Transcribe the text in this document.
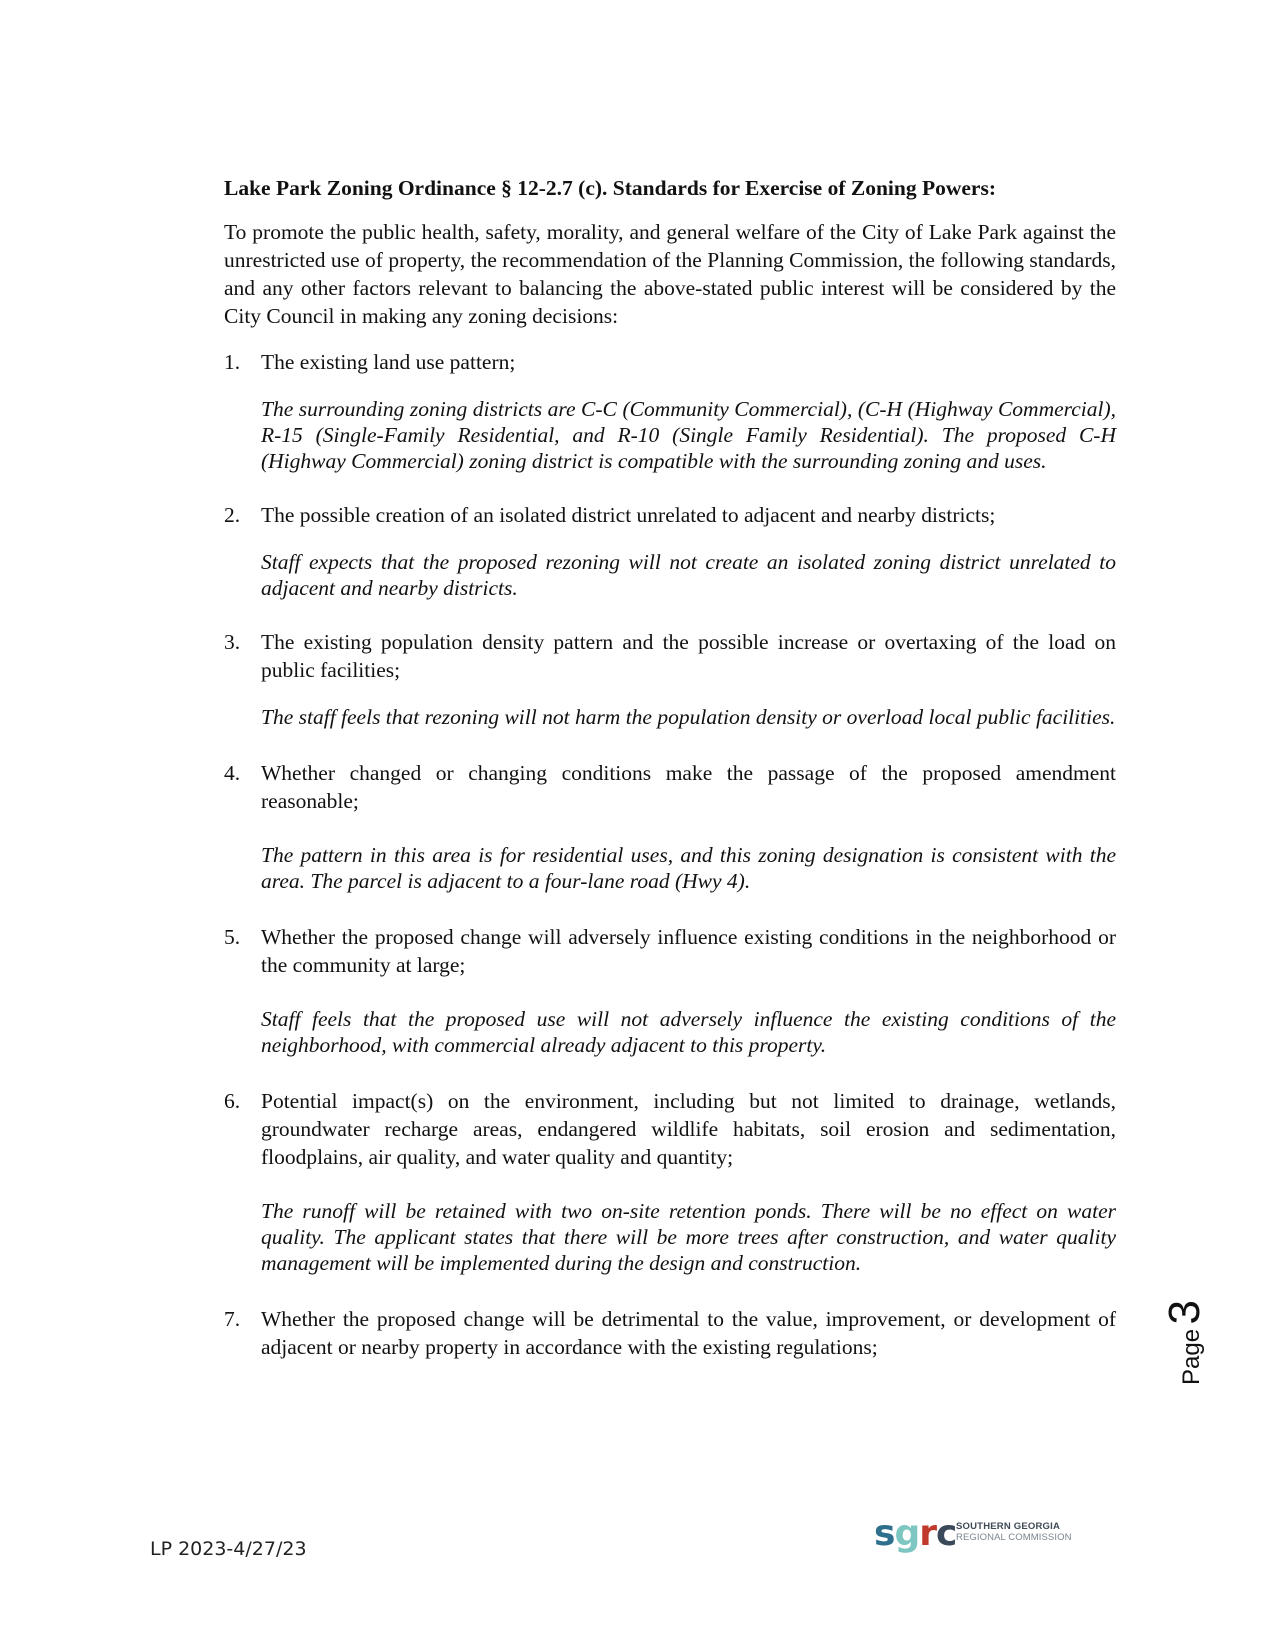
Lake Park Zoning Ordinance § 12-2.7 (c). Standards for Exercise of Zoning Powers:
To promote the public health, safety, morality, and general welfare of the City of Lake Park against the unrestricted use of property, the recommendation of the Planning Commission, the following standards, and any other factors relevant to balancing the above-stated public interest will be considered by the City Council in making any zoning decisions:
1. The existing land use pattern;
The surrounding zoning districts are C-C (Community Commercial), (C-H (Highway Commercial), R-15 (Single-Family Residential, and R-10 (Single Family Residential). The proposed C-H (Highway Commercial) zoning district is compatible with the surrounding zoning and uses.
2. The possible creation of an isolated district unrelated to adjacent and nearby districts;
Staff expects that the proposed rezoning will not create an isolated zoning district unrelated to adjacent and nearby districts.
3. The existing population density pattern and the possible increase or overtaxing of the load on public facilities;
The staff feels that rezoning will not harm the population density or overload local public facilities.
4. Whether changed or changing conditions make the passage of the proposed amendment reasonable;
The pattern in this area is for residential uses, and this zoning designation is consistent with the area. The parcel is adjacent to a four-lane road (Hwy 4).
5. Whether the proposed change will adversely influence existing conditions in the neighborhood or the community at large;
Staff feels that the proposed use will not adversely influence the existing conditions of the neighborhood, with commercial already adjacent to this property.
6. Potential impact(s) on the environment, including but not limited to drainage, wetlands, groundwater recharge areas, endangered wildlife habitats, soil erosion and sedimentation, floodplains, air quality, and water quality and quantity;
The runoff will be retained with two on-site retention ponds. There will be no effect on water quality. The applicant states that there will be more trees after construction, and water quality management will be implemented during the design and construction.
7. Whether the proposed change will be detrimental to the value, improvement, or development of adjacent or nearby property in accordance with the existing regulations;	Page 3
LP 2023-4/27/23	sgrc SOUTHERN GEORGIA
REGIONAL COMMISSION
